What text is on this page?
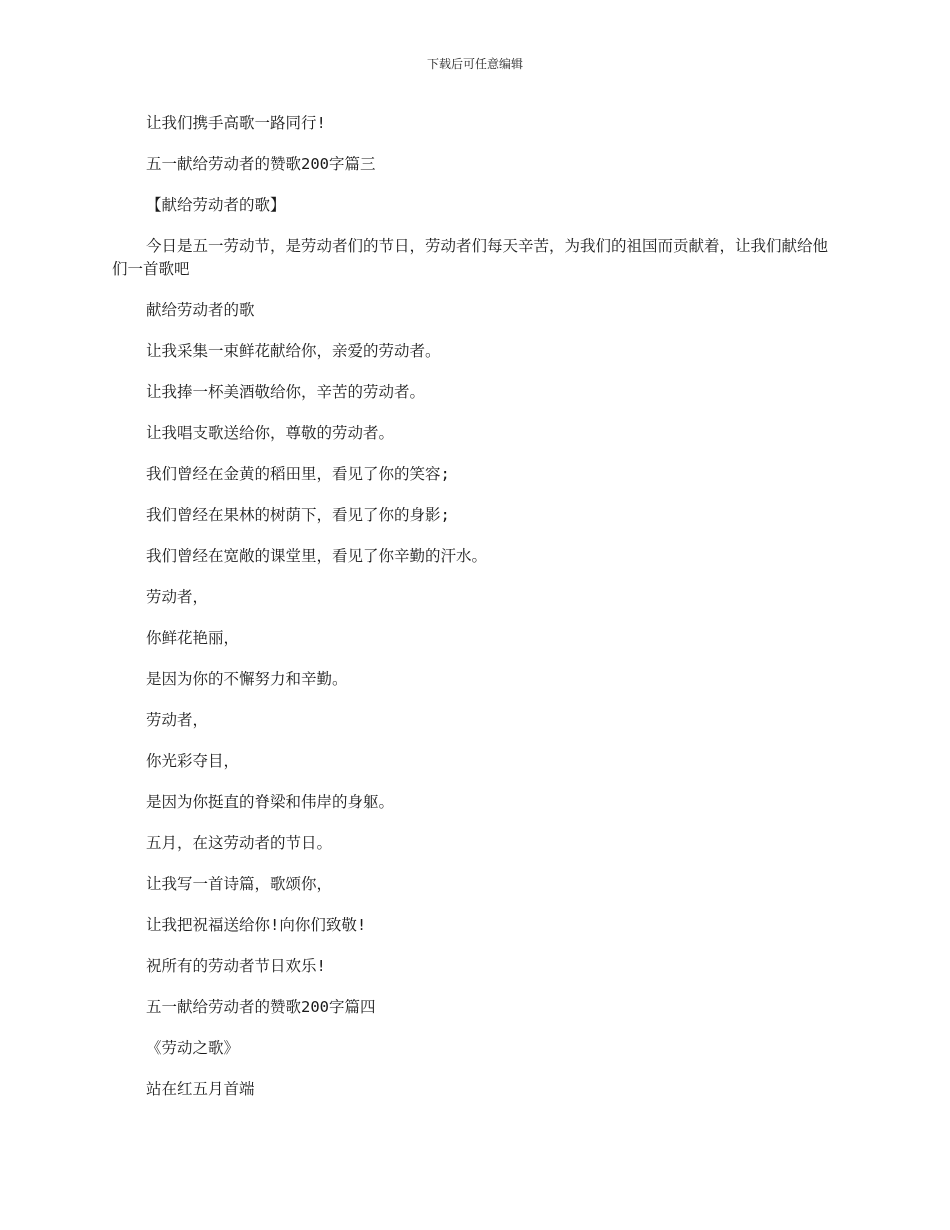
下载后可任意编辑

让我们携手高歌一路同行!

五一献给劳动者的赞歌200字篇三

【献给劳动者的歌】

今日是五一劳动节，是劳动者们的节日，劳动者们每天辛苦，为我们的祖国而贡献着，让我们献给他们一首歌吧

献给劳动者的歌

让我采集一束鲜花献给你，亲爱的劳动者。

让我捧一杯美酒敬给你，辛苦的劳动者。

让我唱支歌送给你，尊敬的劳动者。

我们曾经在金黄的稻田里，看见了你的笑容;

我们曾经在果林的树荫下，看见了你的身影;

我们曾经在宽敞的课堂里，看见了你辛勤的汗水。

劳动者，

你鲜花艳丽，

是因为你的不懈努力和辛勤。

劳动者，

你光彩夺目，

是因为你挺直的脊梁和伟岸的身躯。

五月，在这劳动者的节日。

让我写一首诗篇，歌颂你，

让我把祝福送给你!向你们致敬!

祝所有的劳动者节日欢乐!

五一献给劳动者的赞歌200字篇四

《劳动之歌》

站在红五月首端
